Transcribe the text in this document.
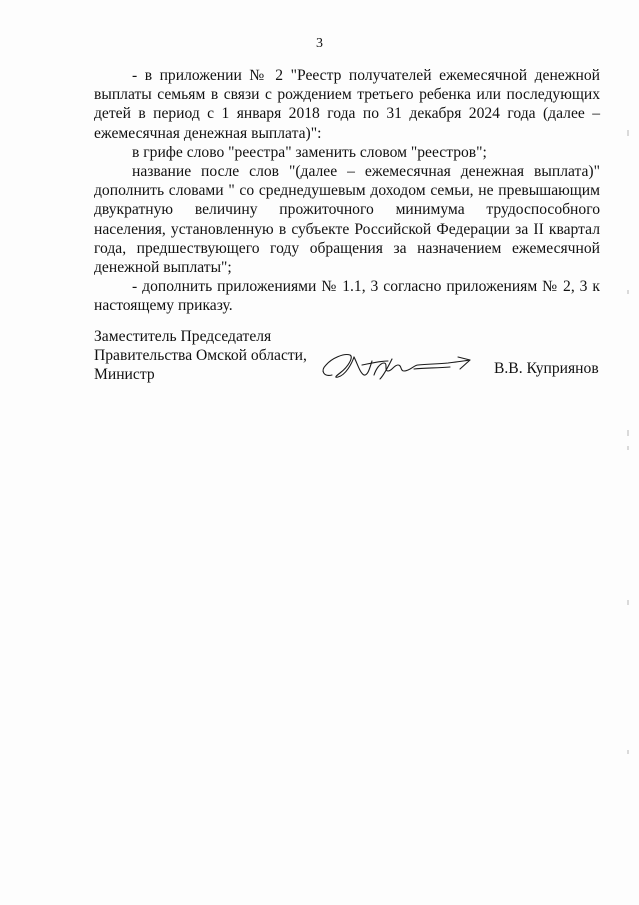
3

- в приложении № 2 "Реестр получателей ежемесячной денежной выплаты семьям в связи с рождением третьего ребенка или последующих детей в период с 1 января 2018 года по 31 декабря 2024 года (далее – ежемесячная денежная выплата)":

в грифе слово "реестра" заменить словом "реестров";

название после слов "(далее – ежемесячная денежная выплата)" дополнить словами " со среднедушевым доходом семьи, не превышающим двукратную величину прожиточного минимума трудоспособного населения, установленную в субъекте Российской Федерации за II квартал года, предшествующего году обращения за назначением ежемесячной денежной выплаты";

- дополнить приложениями № 1.1, 3 согласно приложениям № 2, 3 к настоящему приказу.

Заместитель Председателя
Правительства Омской области,
Министр	В.В. Куприянов
